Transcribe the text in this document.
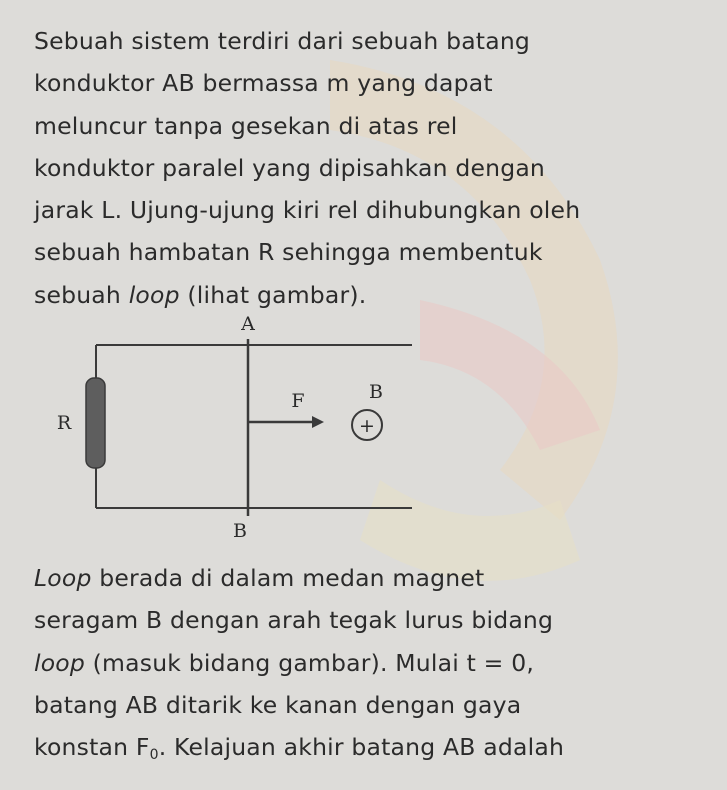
Sebuah sistem terdiri dari sebuah batang
konduktor AB bermassa m yang dapat
meluncur tanpa gesekan di atas rel
konduktor paralel yang dipisahkan dengan
jarak L. Ujung-ujung kiri rel dihubungkan oleh
sebuah hambatan R sehingga membentuk
sebuah loop (lihat gambar).

+
A
B
R
F	B

Loop berada di dalam medan magnet
seragam B dengan arah tegak lurus bidang
loop (masuk bidang gambar). Mulai t = 0,
batang AB ditarik ke kanan dengan gaya
konstan $F_0$. Kelajuan akhir batang AB adalah
